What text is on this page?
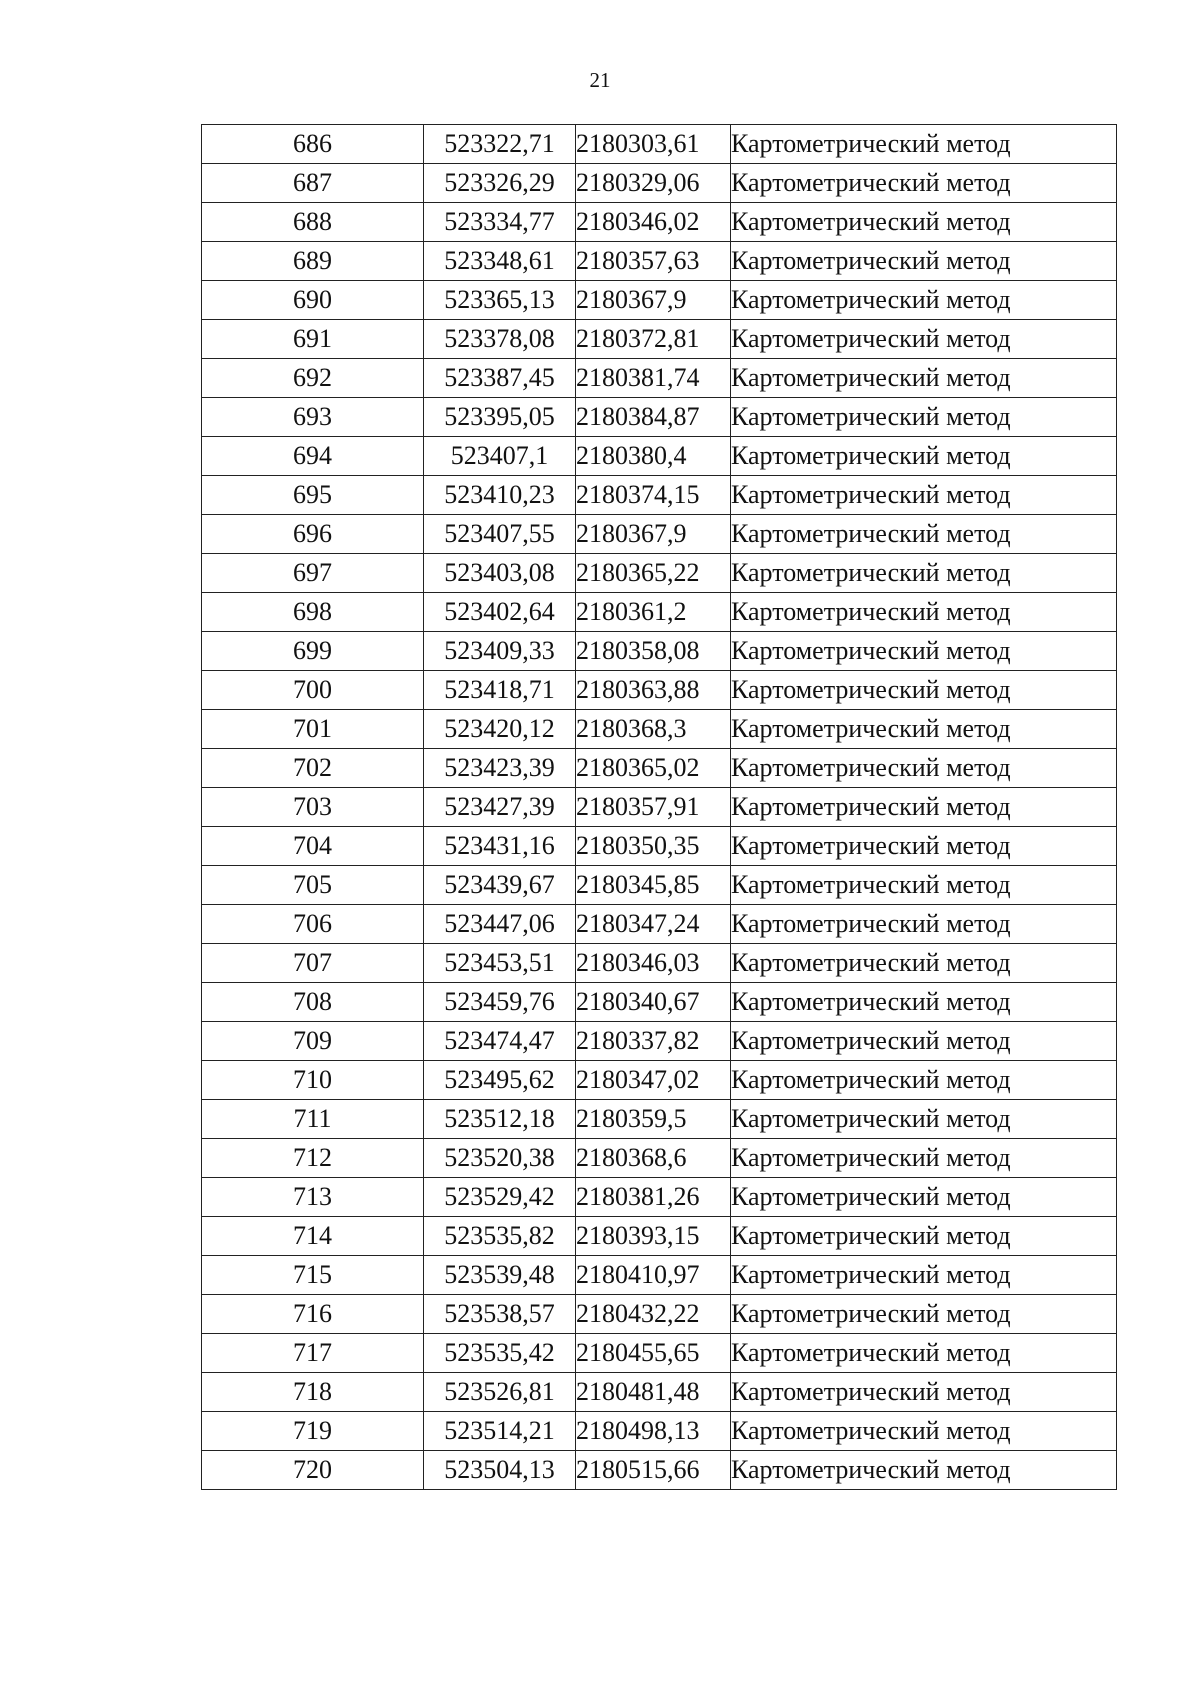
21
686	523322,71	2180303,61	Картометрический метод
687	523326,29	2180329,06	Картометрический метод
688	523334,77	2180346,02	Картометрический метод
689	523348,61	2180357,63	Картометрический метод
690	523365,13	2180367,9	Картометрический метод
691	523378,08	2180372,81	Картометрический метод
692	523387,45	2180381,74	Картометрический метод
693	523395,05	2180384,87	Картометрический метод
694	523407,1	2180380,4	Картометрический метод
695	523410,23	2180374,15	Картометрический метод
696	523407,55	2180367,9	Картометрический метод
697	523403,08	2180365,22	Картометрический метод
698	523402,64	2180361,2	Картометрический метод
699	523409,33	2180358,08	Картометрический метод
700	523418,71	2180363,88	Картометрический метод
701	523420,12	2180368,3	Картометрический метод
702	523423,39	2180365,02	Картометрический метод
703	523427,39	2180357,91	Картометрический метод
704	523431,16	2180350,35	Картометрический метод
705	523439,67	2180345,85	Картометрический метод
706	523447,06	2180347,24	Картометрический метод
707	523453,51	2180346,03	Картометрический метод
708	523459,76	2180340,67	Картометрический метод
709	523474,47	2180337,82	Картометрический метод
710	523495,62	2180347,02	Картометрический метод
711	523512,18	2180359,5	Картометрический метод
712	523520,38	2180368,6	Картометрический метод
713	523529,42	2180381,26	Картометрический метод
714	523535,82	2180393,15	Картометрический метод
715	523539,48	2180410,97	Картометрический метод
716	523538,57	2180432,22	Картометрический метод
717	523535,42	2180455,65	Картометрический метод
718	523526,81	2180481,48	Картометрический метод
719	523514,21	2180498,13	Картометрический метод
720	523504,13	2180515,66	Картометрический метод
